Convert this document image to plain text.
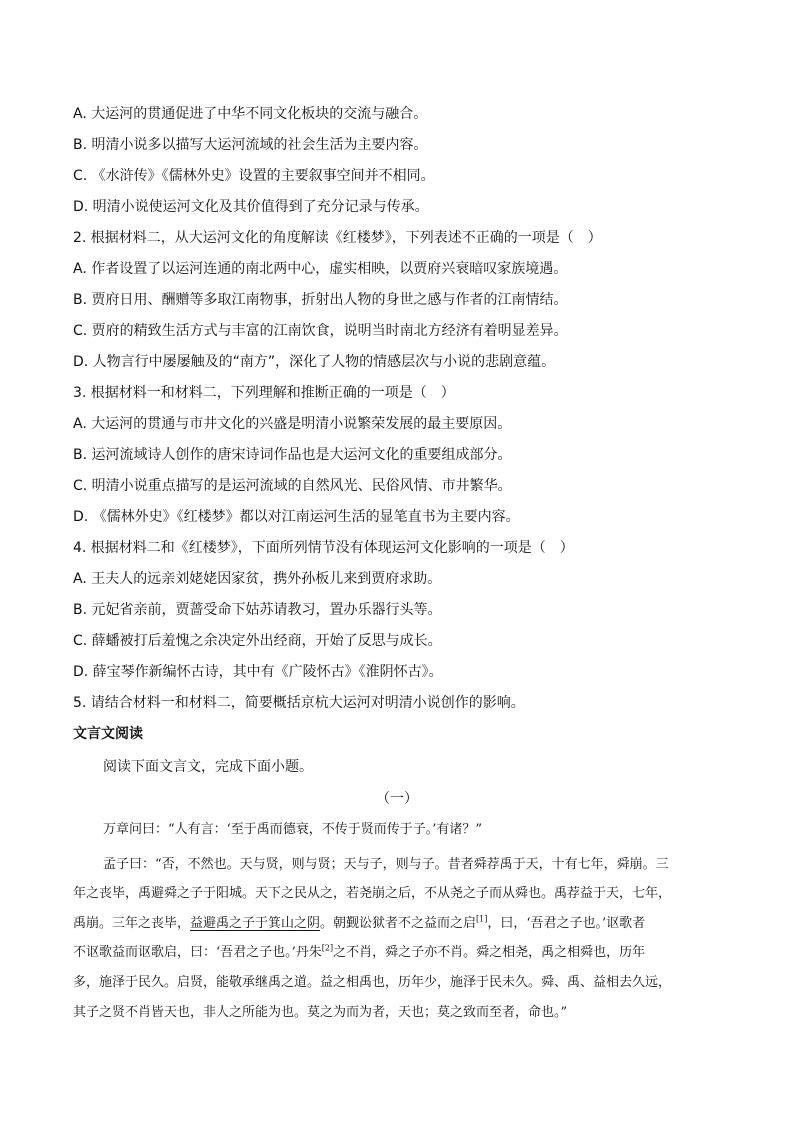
A. 大运河的贯通促进了中华不同文化板块的交流与融合。
B. 明清小说多以描写大运河流域的社会生活为主要内容。
C. 《水浒传》《儒林外史》设置的主要叙事空间并不相同。
D. 明清小说使运河文化及其价值得到了充分记录与传承。
2. 根据材料二，从大运河文化的角度解读《红楼梦》，下列表述不正确的一项是（　）
A. 作者设置了以运河连通的南北两中心，虚实相映，以贾府兴衰暗叹家族境遇。
B. 贾府日用、酬赠等多取江南物事，折射出人物的身世之感与作者的江南情结。
C. 贾府的精致生活方式与丰富的江南饮食，说明当时南北方经济有着明显差异。
D. 人物言行中屡屡触及的“南方”，深化了人物的情感层次与小说的悲剧意蕴。
3. 根据材料一和材料二，下列理解和推断正确的一项是（　）
A. 大运河的贯通与市井文化的兴盛是明清小说繁荣发展的最主要原因。
B. 运河流域诗人创作的唐宋诗词作品也是大运河文化的重要组成部分。
C. 明清小说重点描写的是运河流域的自然风光、民俗风情、市井繁华。
D. 《儒林外史》《红楼梦》都以对江南运河生活的显笔直书为主要内容。
4. 根据材料二和《红楼梦》，下面所列情节没有体现运河文化影响的一项是（　）
A. 王夫人的远亲刘姥姥因家贫，携外孙板儿来到贾府求助。
B. 元妃省亲前，贾蔷受命下姑苏请教习，置办乐器行头等。
C. 薛蟠被打后羞愧之余决定外出经商，开始了反思与成长。
D. 薛宝琴作新编怀古诗，其中有《广陵怀古》《淮阴怀古》。
5. 请结合材料一和材料二，简要概括京杭大运河对明清小说创作的影响。
文言文阅读
阅读下面文言文，完成下面小题。
（一）
万章问曰：“人有言：‘至于禹而德衰，不传于贤而传于子。’有诸？”
孟子曰：“否，不然也。天与贤，则与贤；天与子，则与子。昔者舜荐禹于天，十有七年，舜崩。三
年之丧毕，禹避舜之子于阳城。天下之民从之，若尧崩之后，不从尧之子而从舜也。禹荐益于天，七年，
禹崩。三年之丧毕，益避禹之子于箕山之阴。朝觐讼狱者不之益而之启[1]，曰，‘吾君之子也。’讴歌者
不讴歌益而讴歌启，曰：‘吾君之子也。’丹朱[2]之不肖，舜之子亦不肖。舜之相尧，禹之相舜也，历年
多，施泽于民久。启贤，能敬承继禹之道。益之相禹也，历年少，施泽于民未久。舜、禹、益相去久远，
其子之贤不肖皆天也，非人之所能为也。莫之为而为者，天也；莫之致而至者，命也。”
